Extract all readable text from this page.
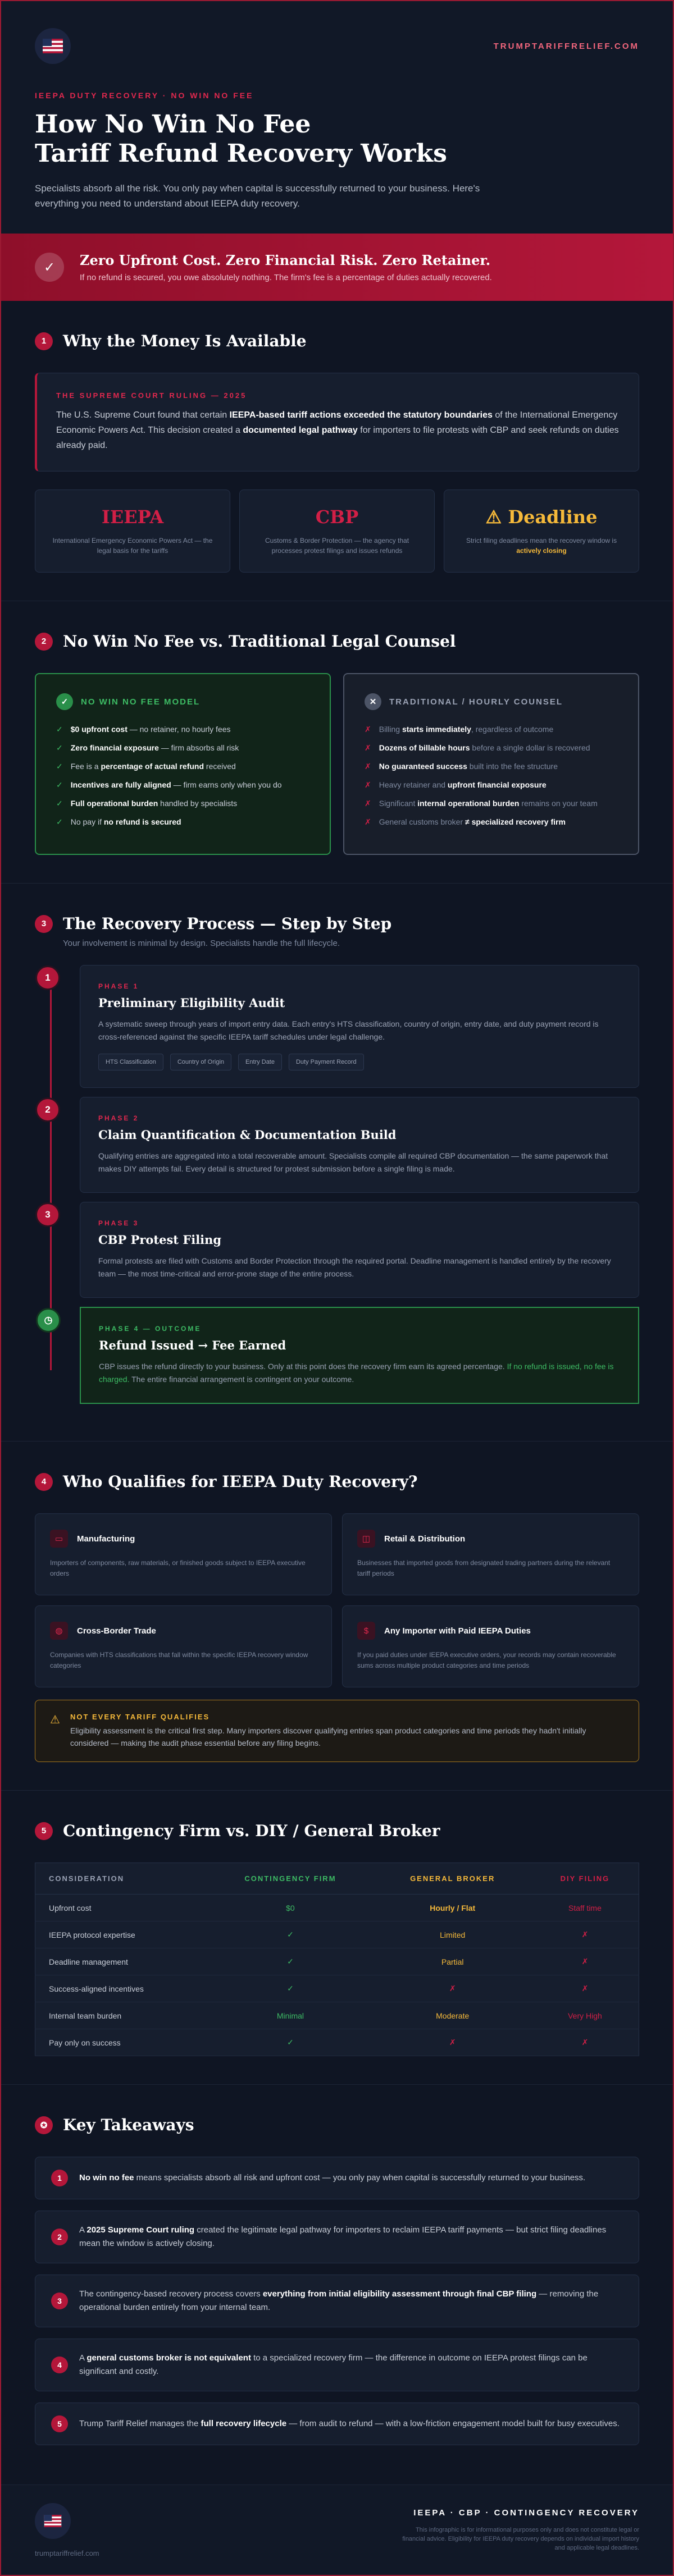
TRUMPTARIFFRELIEF.COM
IEEPA DUTY RECOVERY · NO WIN NO FEE
How No Win No Fee
Tariff Refund Recovery Works

Specialists absorb all the risk. You only pay when capital is successfully returned to your business. Here's everything you need to understand about IEEPA duty recovery.

✓	Zero Upfront Cost. Zero Financial Risk. Zero Retainer.

If no refund is secured, you owe absolutely nothing. The firm's fee is a percentage of duties actually recovered.

1	Why the Money Is Available
THE SUPREME COURT RULING — 2025

The U.S. Supreme Court found that certain IEEPA-based tariff actions exceeded the statutory boundaries of the International Emergency Economic Powers Act. This decision created a documented legal pathway for importers to file protests with CBP and seek refunds on duties already paid.

IEEPA

International Emergency Economic Powers Act — the legal basis for the tariffs

CBP

Customs & Border Protection — the agency that processes protest filings and issues refunds

⚠ Deadline

Strict filing deadlines mean the recovery window is actively closing

2	No Win No Fee vs. Traditional Legal Counsel
✓	NO WIN NO FEE MODEL
✓ $0 upfront cost — no retainer, no hourly fees
✓ Zero financial exposure — firm absorbs all risk
✓ Fee is a percentage of actual refund received
✓ Incentives are fully aligned — firm earns only when you do
✓ Full operational burden handled by specialists
✓ No pay if no refund is secured
✕	TRADITIONAL / HOURLY COUNSEL
✗ Billing starts immediately, regardless of outcome
✗ Dozens of billable hours before a single dollar is recovered
✗ No guaranteed success built into the fee structure
✗ Heavy retainer and upfront financial exposure
✗ Significant internal operational burden remains on your team
✗ General customs broker ≠ specialized recovery firm
3	The Recovery Process — Step by Step

Your involvement is minimal by design. Specialists handle the full lifecycle.

1
PHASE 1
Preliminary Eligibility Audit

A systematic sweep through years of import entry data. Each entry's HTS classification, country of origin, entry date, and duty payment record is cross-referenced against the specific IEEPA tariff schedules under legal challenge.

HTS Classification	Country of Origin	Entry Date	Duty Payment Record
2
PHASE 2
Claim Quantification & Documentation Build

Qualifying entries are aggregated into a total recoverable amount. Specialists compile all required CBP documentation — the same paperwork that makes DIY attempts fail. Every detail is structured for protest submission before a single filing is made.

3
PHASE 3
CBP Protest Filing

Formal protests are filed with Customs and Border Protection through the required portal. Deadline management is handled entirely by the recovery team — the most time-critical and error-prone stage of the entire process.

◷
PHASE 4 — OUTCOME
Refund Issued → Fee Earned

CBP issues the refund directly to your business. Only at this point does the recovery firm earn its agreed percentage. If no refund is issued, no fee is charged. The entire financial arrangement is contingent on your outcome.

4	Who Qualifies for IEEPA Duty Recovery?
▭	Manufacturing

Importers of components, raw materials, or finished goods subject to IEEPA executive orders

◫	Retail & Distribution

Businesses that imported goods from designated trading partners during the relevant tariff periods

◍	Cross-Border Trade

Companies with HTS classifications that fall within the specific IEEPA recovery window categories

$	Any Importer with Paid IEEPA Duties

If you paid duties under IEEPA executive orders, your records may contain recoverable sums across multiple product categories and time periods

⚠ NOT EVERY TARIFF QUALIFIES

Eligibility assessment is the critical first step. Many importers discover qualifying entries span product categories and time periods they hadn't initially considered — making the audit phase essential before any filing begins.

5	Contingency Firm vs. DIY / General Broker
CONSIDERATION	CONTINGENCY FIRM	GENERAL BROKER	DIY FILING
Upfront cost	$0	Hourly / Flat	Staff time
IEEPA protocol expertise	✓	Limited	✗
Deadline management	✓	Partial	✗
Success-aligned incentives	✓	✗	✗
Internal team burden	Minimal	Moderate	Very High
Pay only on success	✓	✗	✗
✪ Key Takeaways
1	No win no fee means specialists absorb all risk and upfront cost — you only pay when capital is successfully returned to your business.

2

A 2025 Supreme Court ruling created the legitimate legal pathway for importers to reclaim IEEPA tariff payments — but strict filing deadlines mean the window is actively closing.

3

The contingency-based recovery process covers everything from initial eligibility assessment through final CBP filing — removing the operational burden entirely from your internal team.

4

A general customs broker is not equivalent to a specialized recovery firm — the difference in outcome on IEEPA protest filings can be significant and costly.

5	Trump Tariff Relief manages the full recovery lifecycle — from audit to refund — with a low-friction engagement model built for busy executives.

trumptariffrelief.com
IEEPA · CBP · CONTINGENCY RECOVERY
This infographic is for informational purposes only and does not constitute legal or financial advice. Eligibility for IEEPA duty recovery depends on individual import history and applicable legal deadlines.
